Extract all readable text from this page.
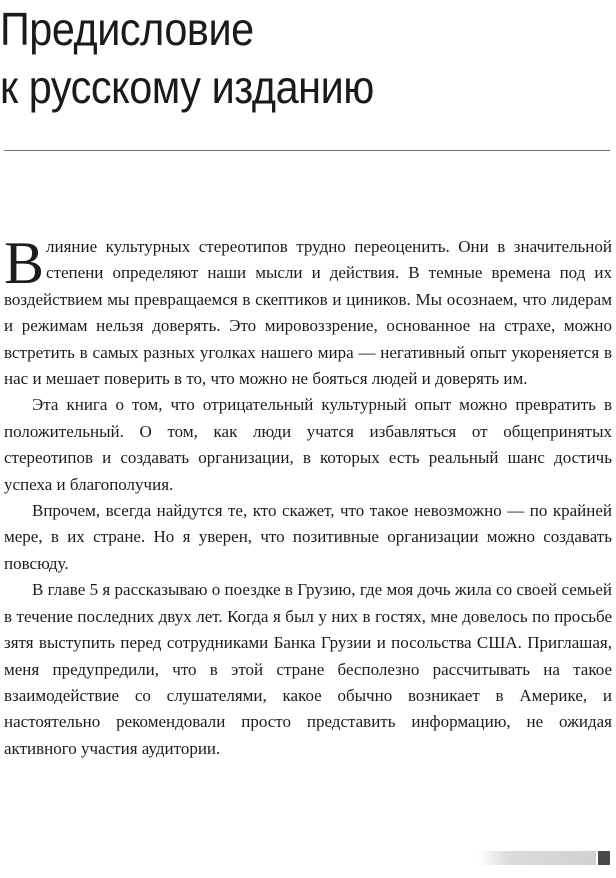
Предисловие
к русскому изданию

Влияние культурных стереотипов трудно переоценить. Они в значительной степени определяют наши мысли и действия. В темные времена под их воздействием мы превращаемся в скептиков и циников. Мы осознаем, что лидерам и режимам нельзя доверять. Это мировоззрение, основанное на страхе, можно встретить в самых разных уголках нашего мира — негативный опыт укореняется в нас и мешает поверить в то, что можно не бояться людей и доверять им.

Эта книга о том, что отрицательный культурный опыт можно превратить в положительный. О том, как люди учатся избавляться от общепринятых стереотипов и создавать организации, в которых есть реальный шанс достичь успеха и благополучия.

Впрочем, всегда найдутся те, кто скажет, что такое невозможно — по крайней мере, в их стране. Но я уверен, что позитивные организации можно создавать повсюду.

В главе 5 я рассказываю о поездке в Грузию, где моя дочь жила со своей семьей в течение последних двух лет. Когда я был у них в гостях, мне довелось по просьбе зятя выступить перед сотрудниками Банка Грузии и посольства США. Приглашая, меня предупредили, что в этой стране бесполезно рассчитывать на такое взаимодействие со слушателями, какое обычно возникает в Америке, и настоятельно рекомендовали просто представить информацию, не ожидая активного участия аудитории.
